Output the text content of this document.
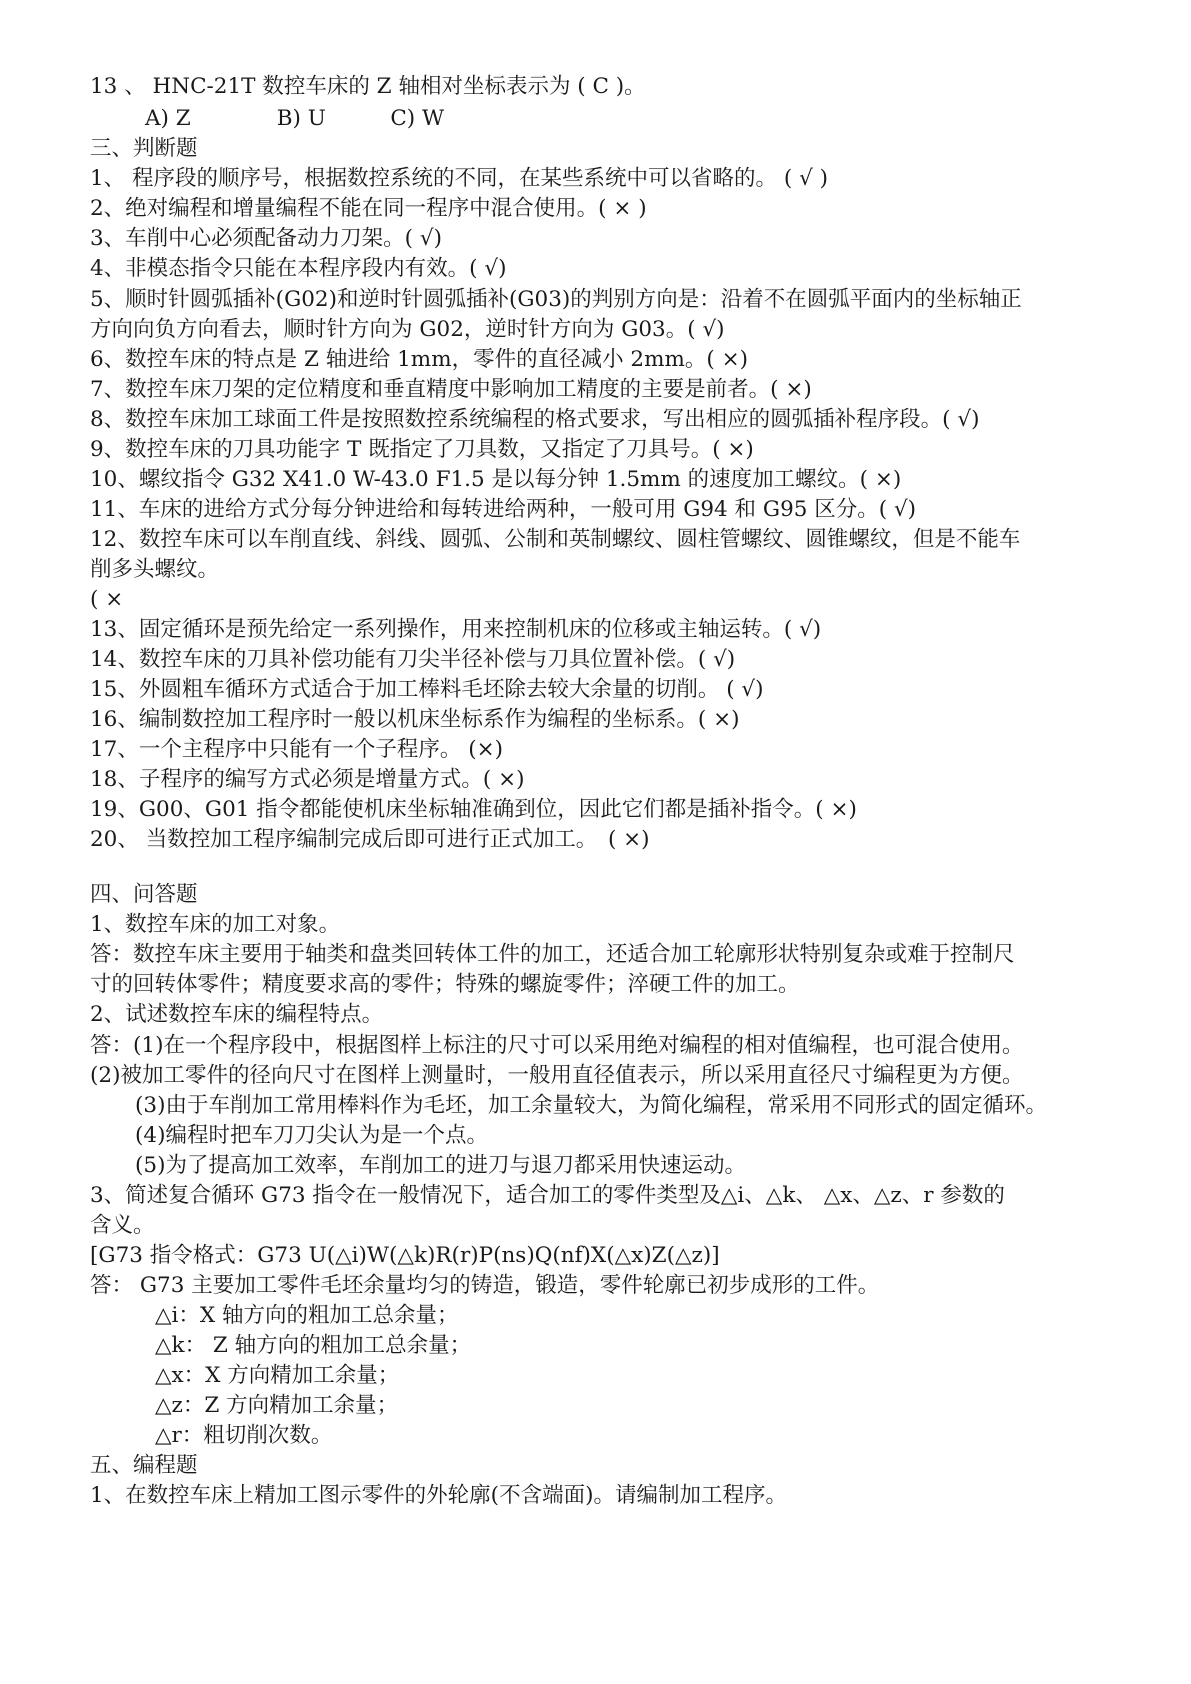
13 、 HNC-21T 数控车床的 Z 轴相对坐标表示为 ( C )。
A) Z　　　　B) U　　　C) W
三、判断题
1、 程序段的顺序号，根据数控系统的不同，在某些系统中可以省略的。 ( √ )
2、绝对编程和增量编程不能在同一程序中混合使用。( × )
3、车削中心必须配备动力刀架。( √)
4、非模态指令只能在本程序段内有效。( √)
5、顺时针圆弧插补(G02)和逆时针圆弧插补(G03)的判别方向是：沿着不在圆弧平面内的坐标轴正
方向向负方向看去，顺时针方向为 G02，逆时针方向为 G03。( √)
6、数控车床的特点是 Z 轴进给 1mm，零件的直径减小 2mm。( ×)
7、数控车床刀架的定位精度和垂直精度中影响加工精度的主要是前者。( ×)
8、数控车床加工球面工件是按照数控系统编程的格式要求，写出相应的圆弧插补程序段。( √)
9、数控车床的刀具功能字 T 既指定了刀具数，又指定了刀具号。( ×)
10、螺纹指令 G32 X41.0 W-43.0 F1.5 是以每分钟 1.5mm 的速度加工螺纹。( ×)
11、车床的进给方式分每分钟进给和每转进给两种，一般可用 G94 和 G95 区分。( √)
12、数控车床可以车削直线、斜线、圆弧、公制和英制螺纹、圆柱管螺纹、圆锥螺纹，但是不能车
削多头螺纹。
( ×
13、固定循环是预先给定一系列操作，用来控制机床的位移或主轴运转。( √)
14、数控车床的刀具补偿功能有刀尖半径补偿与刀具位置补偿。( √)
15、外圆粗车循环方式适合于加工棒料毛坯除去较大余量的切削。 ( √)
16、编制数控加工程序时一般以机床坐标系作为编程的坐标系。( ×)
17、一个主程序中只能有一个子程序。 (×)
18、子程序的编写方式必须是增量方式。( ×)
19、G00、G01 指令都能使机床坐标轴准确到位，因此它们都是插补指令。( ×)
20、 当数控加工程序编制完成后即可进行正式加工。　( ×)
四、问答题
1、数控车床的加工对象。
答：数控车床主要用于轴类和盘类回转体工件的加工，还适合加工轮廓形状特别复杂或难于控制尺
寸的回转体零件；精度要求高的零件；特殊的螺旋零件；淬硬工件的加工。
2、试述数控车床的编程特点。
答：(1)在一个程序段中，根据图样上标注的尺寸可以采用绝对编程的相对值编程，也可混合使用。
(2)被加工零件的径向尺寸在图样上测量时，一般用直径值表示，所以采用直径尺寸编程更为方便。
(3)由于车削加工常用棒料作为毛坯，加工余量较大，为简化编程，常采用不同形式的固定循环。
(4)编程时把车刀刀尖认为是一个点。
(5)为了提高加工效率，车削加工的进刀与退刀都采用快速运动。
3、简述复合循环 G73 指令在一般情况下，适合加工的零件类型及△i、△k、 △x、△z、r 参数的
含义。
[G73 指令格式：G73 U(△i)W(△k)R(r)P(ns)Q(nf)X(△x)Z(△z)]
答： G73 主要加工零件毛坯余量均匀的铸造，锻造，零件轮廓已初步成形的工件。
△i：X 轴方向的粗加工总余量；
△k： Z 轴方向的粗加工总余量；
△x：X 方向精加工余量；
△z：Z 方向精加工余量；
△r：粗切削次数。
五、编程题
1、在数控车床上精加工图示零件的外轮廓(不含端面)。请编制加工程序。
